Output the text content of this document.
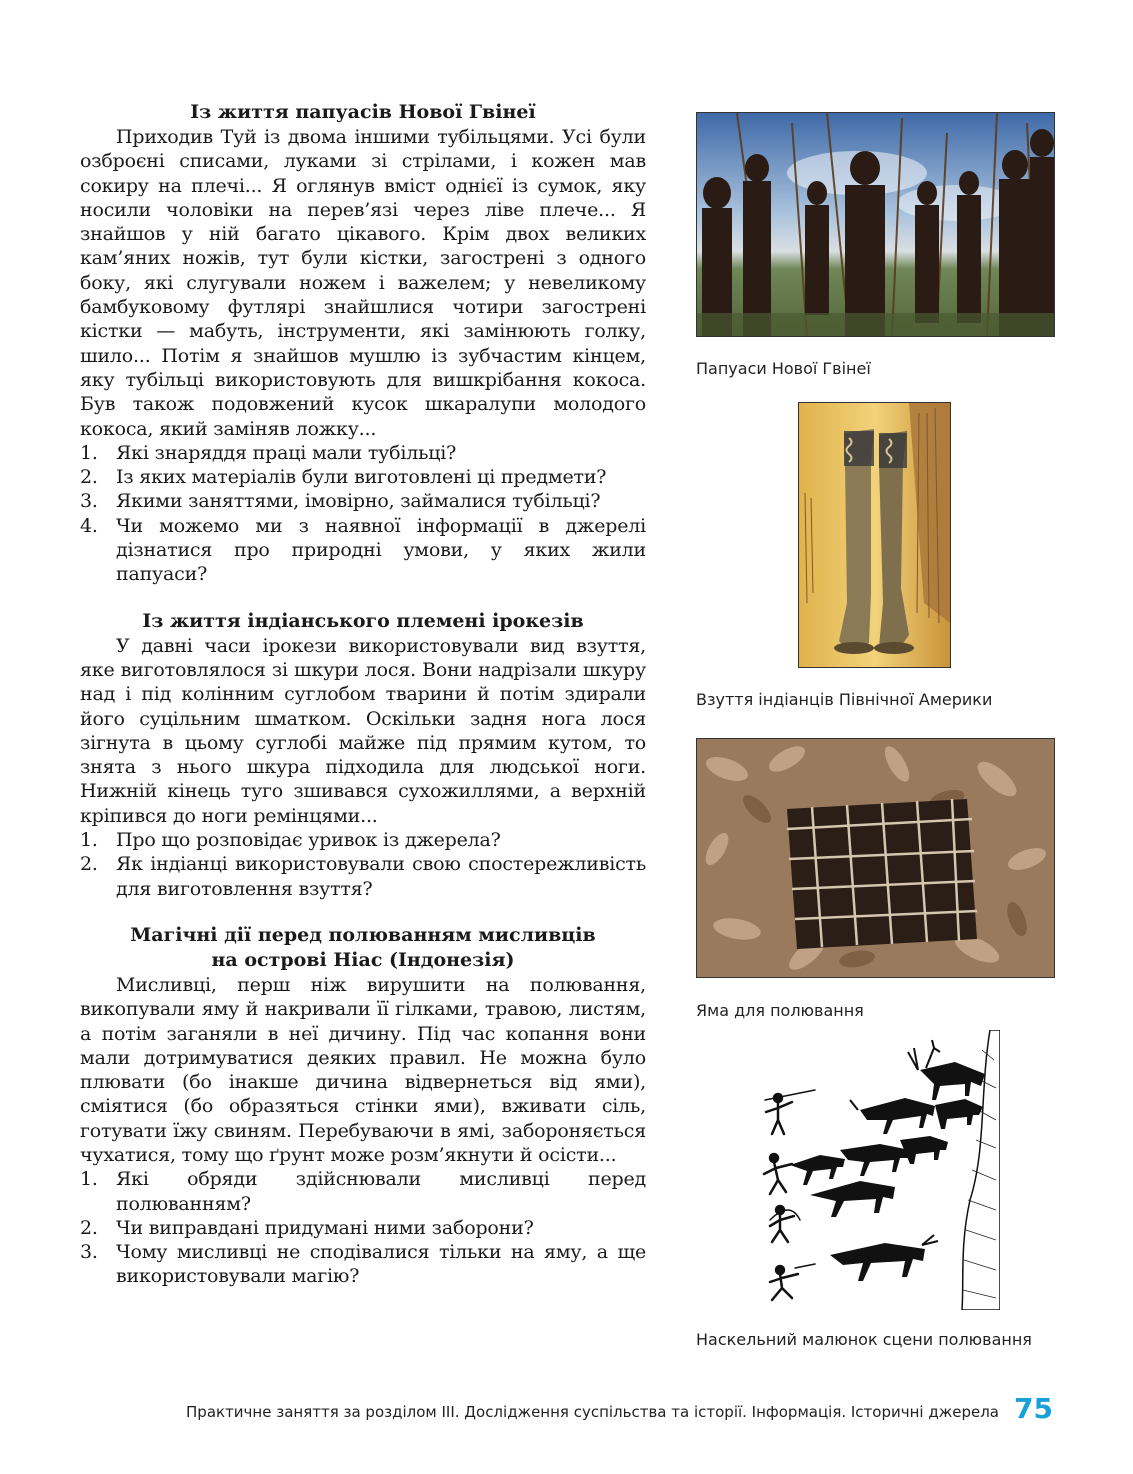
Із життя папуасів Нової Гвінеї

Приходив Туй із двома іншими тубільцями. Усі були озброєні списами, луками зі стрілами, і кожен мав сокиру на плечі... Я оглянув вміст однієї із сумок, яку носили чоловіки на перев’язі через ліве плече... Я знайшов у ній багато цікавого. Крім двох великих кам’яних ножів, тут були кістки, загострені з одного боку, які слугували ножем і важелем; у невеликому бамбуковому футлярі знайшлися чотири загострені кістки — мабуть, інструменти, які замінюють голку, шило... Потім я знайшов мушлю із зубчастим кінцем, яку тубільці використовують для вишкрібання кокоса. Був також подовжений кусок шкаралупи молодого кокоса, який заміняв ложку...

1. Які знаряддя праці мали тубільці?
2. Із яких матеріалів були виготовлені ці предмети?
3. Якими заняттями, імовірно, займалися тубільці?
4. Чи можемо ми з наявної інформації в джерелі дізнатися про природні умови, у яких жили папуаси?
Із життя індіанського племені ірокезів

У давні часи ірокези використовували вид взуття, яке виготовлялося зі шкури лося. Вони надрізали шкуру над і під колінним суглобом тварини й потім здирали його суцільним шматком. Оскільки задня нога лося зігнута в цьому суглобі майже під прямим кутом, то знята з нього шкура підходила для людської ноги. Нижній кінець туго зшивався сухожиллями, а верхній кріпився до ноги ремінцями...

1. Про що розповідає уривок із джерела?
2. Як індіанці використовували свою спостережливість для виготовлення взуття?
Магічні дії перед полюванням мисливців
на острові Ніас (Індонезія)

Мисливці, перш ніж вирушити на полювання, викопували яму й накривали її гілками, травою, листям, а потім заганяли в неї дичину. Під час копання вони мали дотримуватися деяких правил. Не можна було плювати (бо інакше дичина відвернеться від ями), сміятися (бо образяться стінки ями), вживати сіль, готувати їжу свиням. Перебуваючи в ямі, забороняється чухатися, тому що ґрунт може розм’якнути й осісти...

1. Які обряди здійснювали мисливці перед полюванням?
2. Чи виправдані придумані ними заборони?
3. Чому мисливці не сподівалися тільки на яму, а ще використовували магію?
Папуаси Нової Гвінеї
Взуття індіанців Північної Америки
Яма для полювання
Наскельний малюнок сцени полювання
Практичне заняття за розділом ІІІ. Дослідження суспільства та історії. Інформація. Історичні джерела 75
